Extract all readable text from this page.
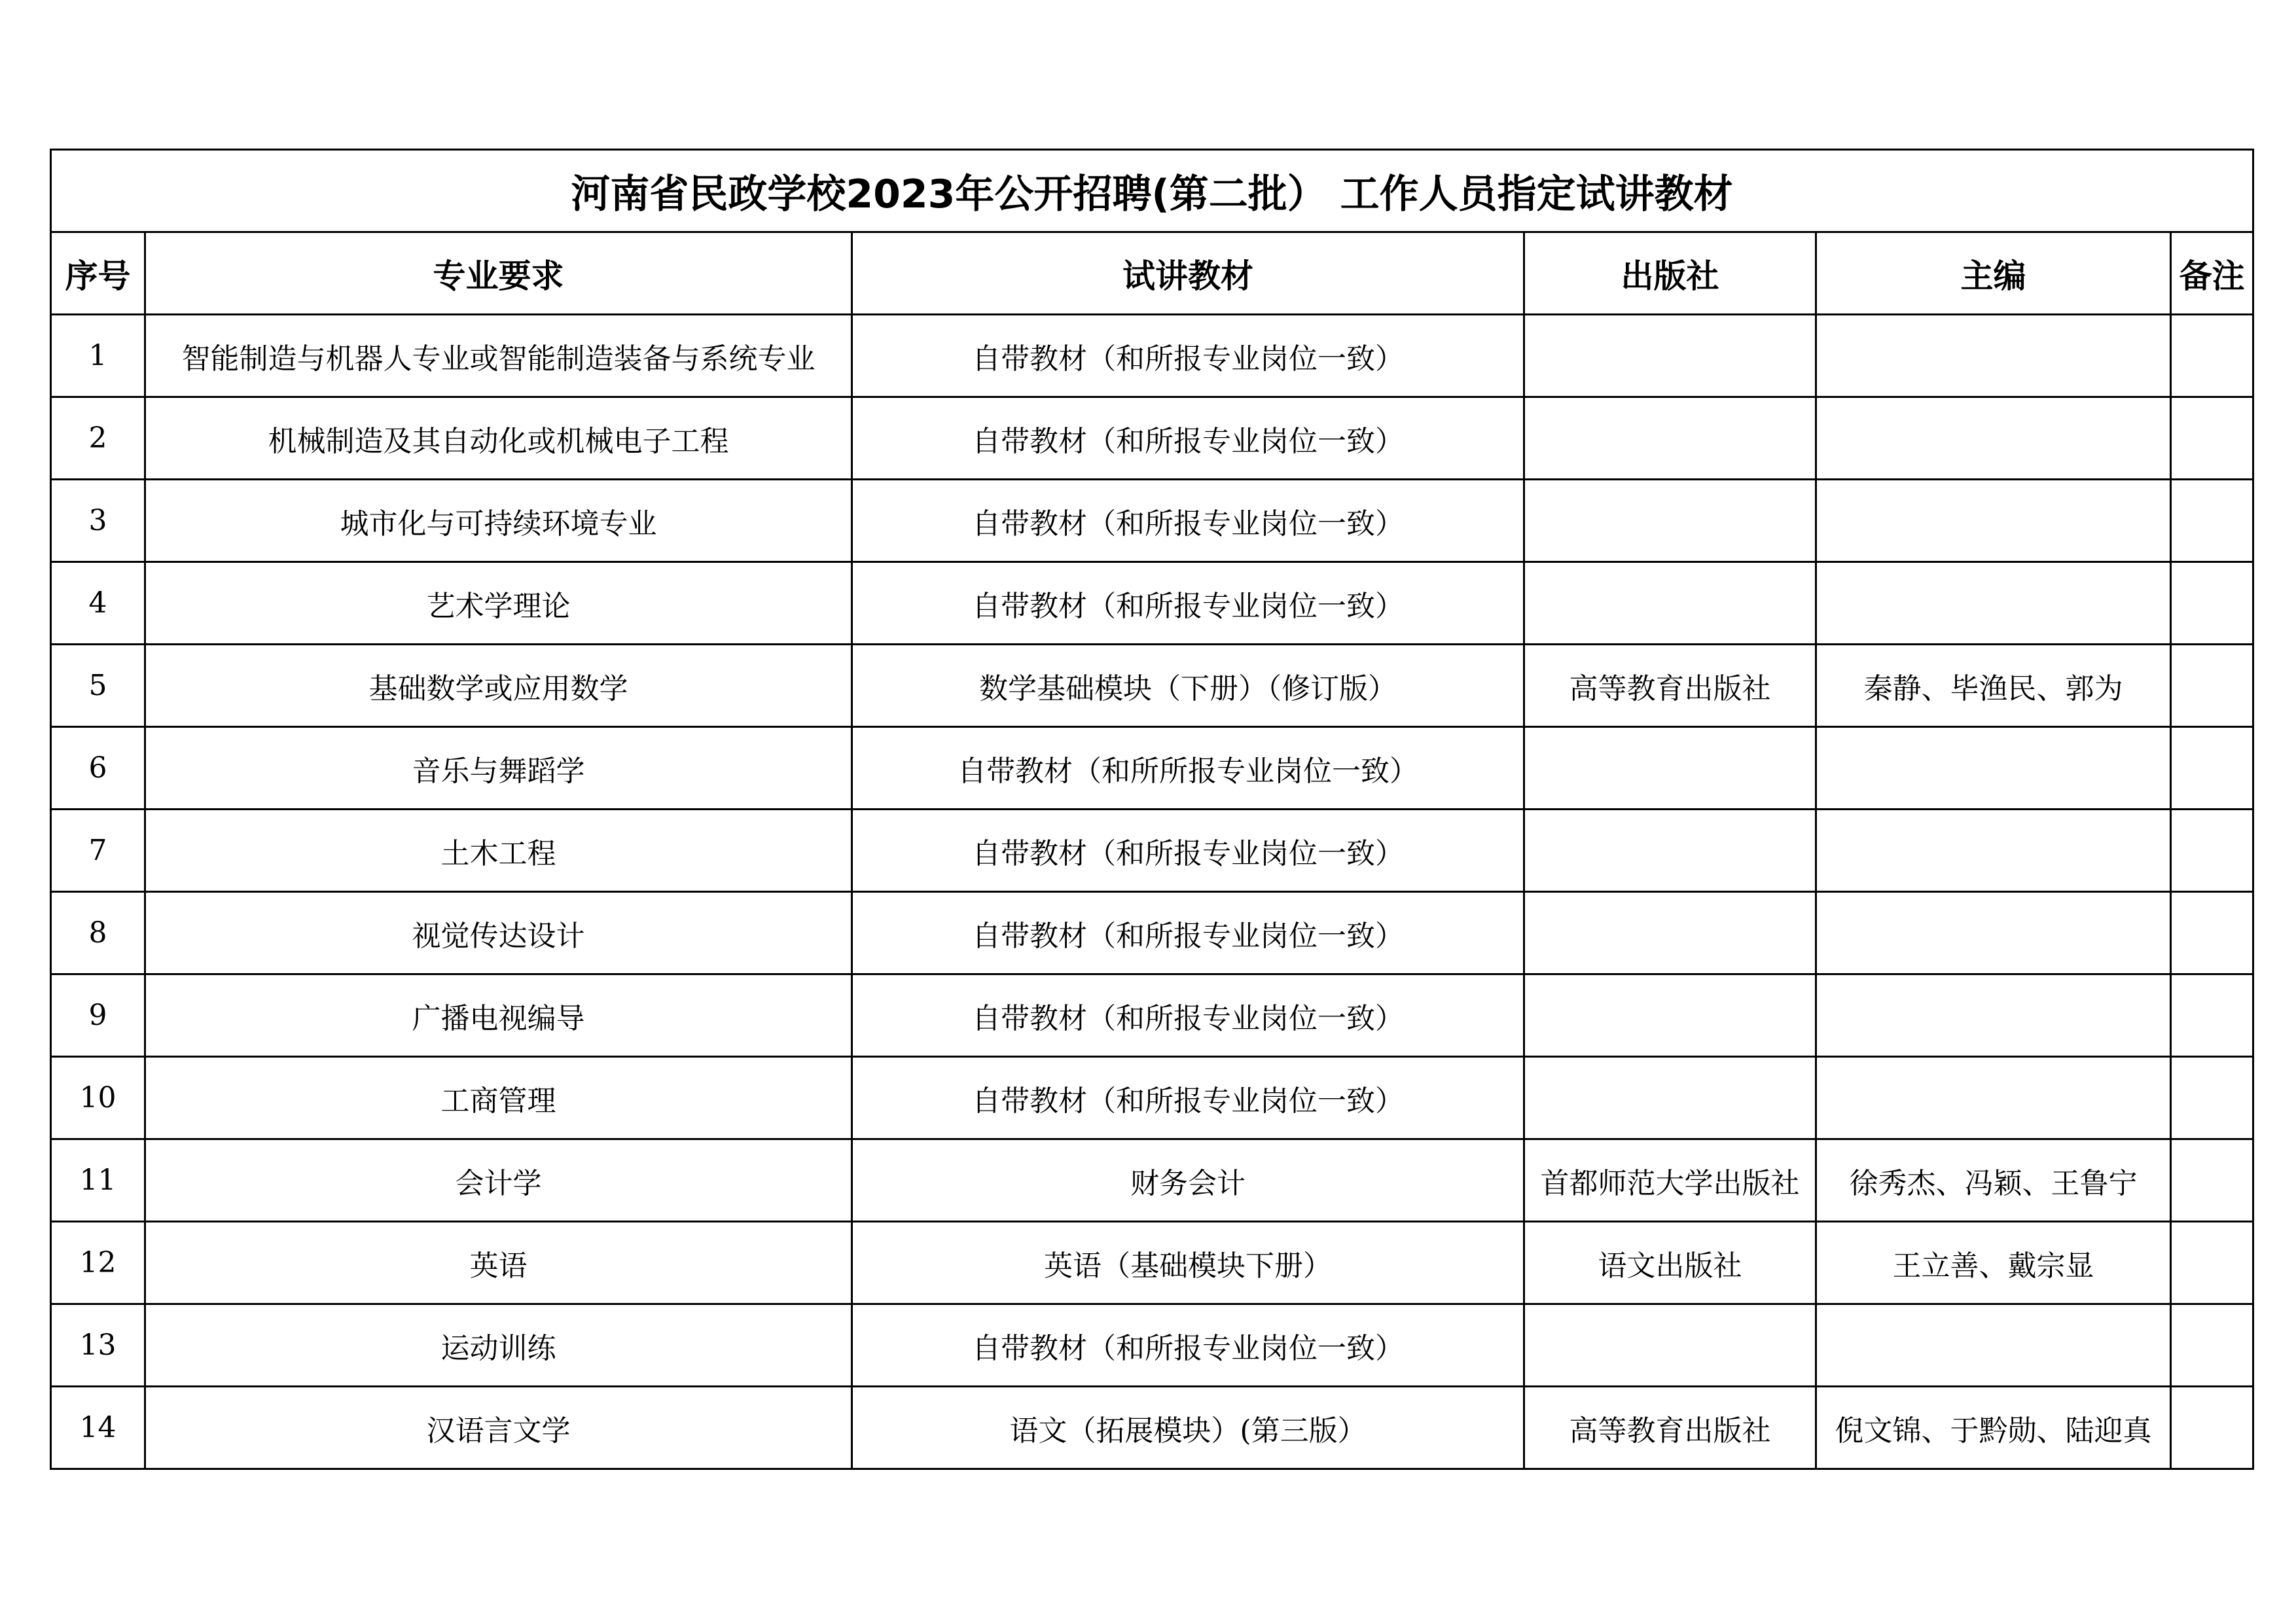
河南省民政学校2023年公开招聘(第二批） 工作人员指定试讲教材					
序号	专业要求	试讲教材	出版社	主编	备注
1	智能制造与机器人专业或智能制造装备与系统专业	自带教材（和所报专业岗位一致）			
2	机械制造及其自动化或机械电子工程	自带教材（和所报专业岗位一致）			
3	城市化与可持续环境专业	自带教材（和所报专业岗位一致）			
4	艺术学理论	自带教材（和所报专业岗位一致）			
5	基础数学或应用数学	数学基础模块（下册）（修订版）	高等教育出版社	秦静、毕渔民、郭为	
6	音乐与舞蹈学	自带教材（和所所报专业岗位一致）			
7	土木工程	自带教材（和所报专业岗位一致）			
8	视觉传达设计	自带教材（和所报专业岗位一致）			
9	广播电视编导	自带教材（和所报专业岗位一致）			
10	工商管理	自带教材（和所报专业岗位一致）			
11	会计学	财务会计	首都师范大学出版社	徐秀杰、冯颖、王鲁宁	
12	英语	英语（基础模块下册）	语文出版社	王立善、戴宗显	
13	运动训练	自带教材（和所报专业岗位一致）			
14	汉语言文学	语文（拓展模块）(第三版）	高等教育出版社	倪文锦、于黔勋、陆迎真	
